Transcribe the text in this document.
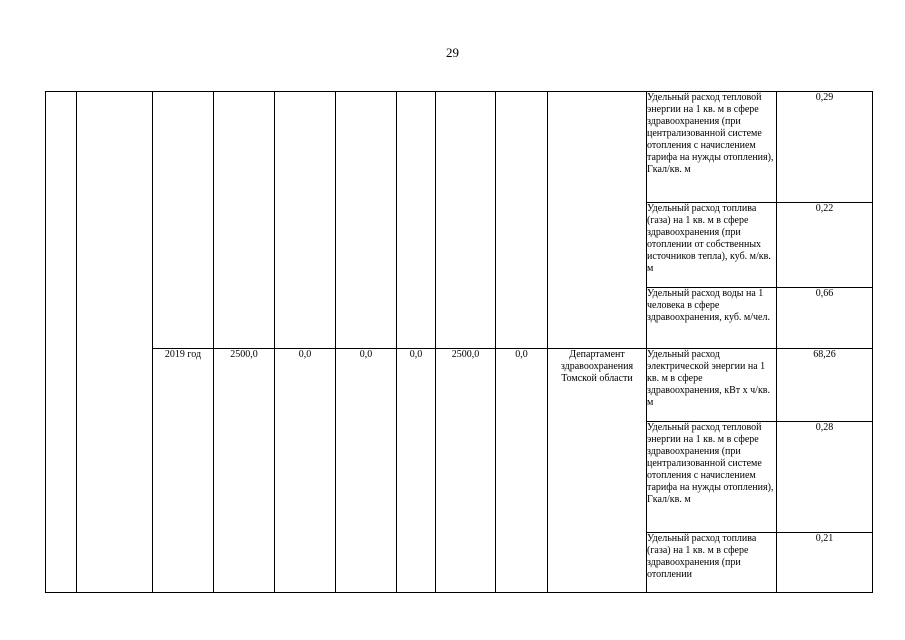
29
										Удельный расход тепловой энергии на 1 кв. м в сфере здравоохранения (при централизованной системе отопления с начислением тарифа на нужды отопления), Гкал/кв. м	0,29
										Удельный расход топлива (газа) на 1 кв. м в сфере здравоохранения (при отоплении от собственных источников тепла), куб. м/кв. м	0,22
										Удельный расход воды на 1 человека в сфере здравоохранения, куб. м/чел.	0,66
		2019 год	2500,0	0,0	0,0	0,0	2500,0	0,0	Департамент здравоохранения Томской области	Удельный расход электрической энергии на 1 кв. м в сфере здравоохранения, кВт x ч/кв. м	68,26
										Удельный расход тепловой энергии на 1 кв. м в сфере здравоохранения (при централизованной системе отопления с начислением тарифа на нужды отопления), Гкал/кв. м	0,28
										Удельный расход топлива (газа) на 1 кв. м в сфере здравоохранения (при отоплении	0,21
